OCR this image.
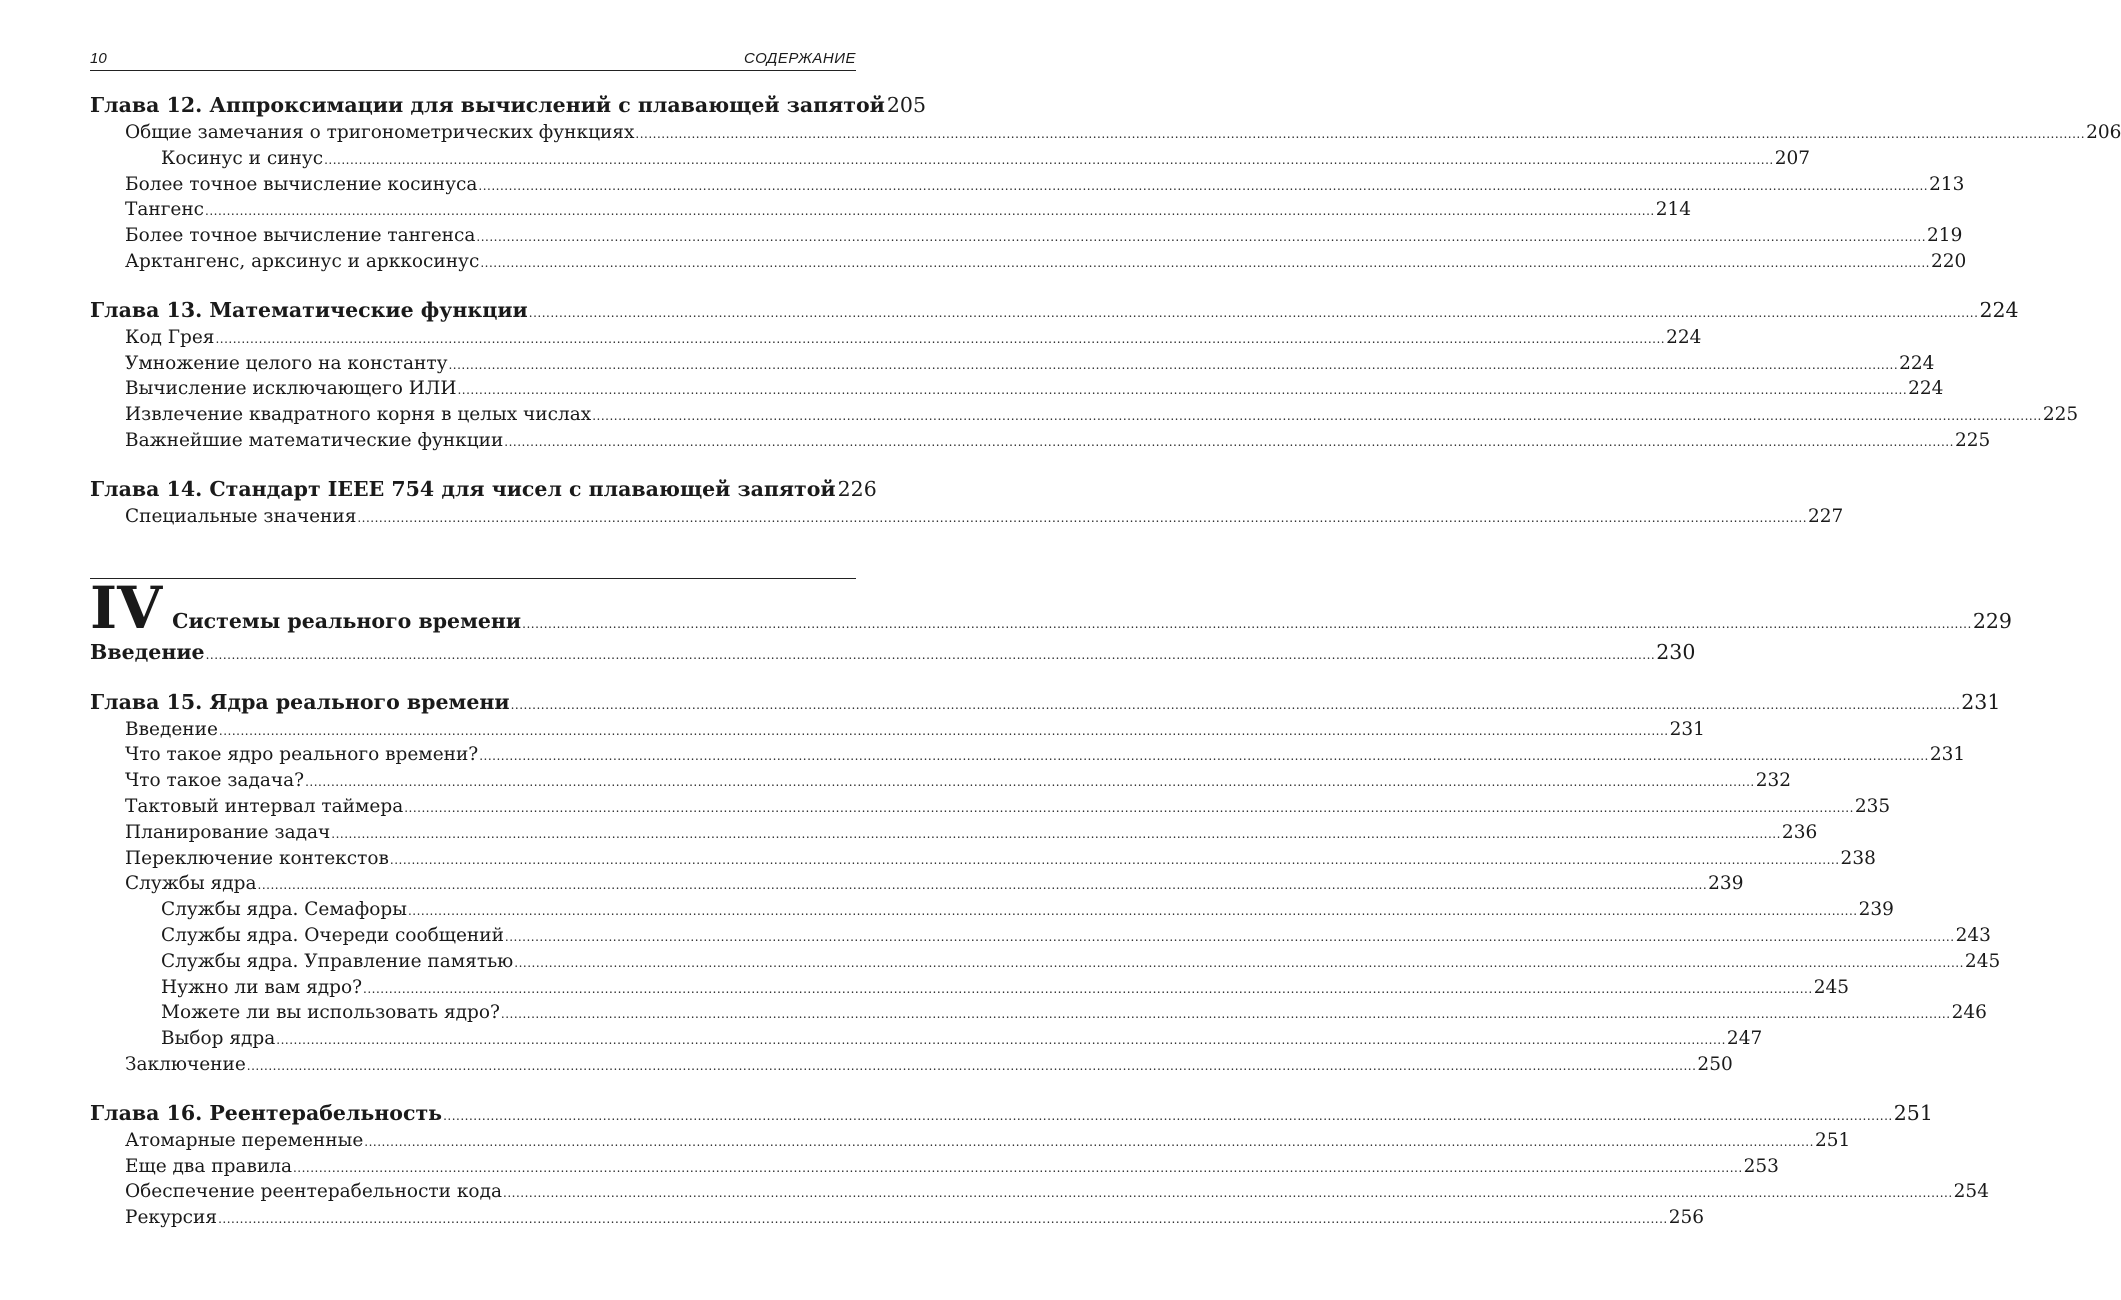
10	СОДЕРЖАНИЕ
Глава 12. Аппроксимации для вычислений с плавающей запятой 205
Общие замечания о тригонометрических функциях .....	206
Косинус и синус .....	207
Более точное вычисление косинуса .....	213
Тангенс .....	214
Более точное вычисление тангенса .....	219
Арктангенс, арксинус и арккосинус .....	220
Глава 13. Математические функции .....	224
Код Грея .....	224
Умножение целого на константу .....	224
Вычисление исключающего ИЛИ .....	224
Извлечение квадратного корня в целых числах .....	225
Важнейшие математические функции .....	225
Глава 14. Стандарт IEEE 754 для чисел с плавающей запятой 226
Специальные значения .....	227
IV Системы реального времени .....	229
Введение .....	230
Глава 15. Ядра реального времени .....	231
Введение .....	231
Что такое ядро реального времени? .....	231
Что такое задача? .....	232
Тактовый интервал таймера .....	235
Планирование задач .....	236
Переключение контекстов .....	238
Службы ядра .....	239
Службы ядра. Семафоры .....	239
Службы ядра. Очереди сообщений .....	243
Службы ядра. Управление памятью .....	245
Нужно ли вам ядро? .....	245
Можете ли вы использовать ядро? .....	246
Выбор ядра .....	247
Заключение .....	250
Глава 16. Реентерабельность .....	251
Атомарные переменные .....	251
Еще два правила .....	253
Обеспечение реентерабельности кода .....	254
Рекурсия .....	256
